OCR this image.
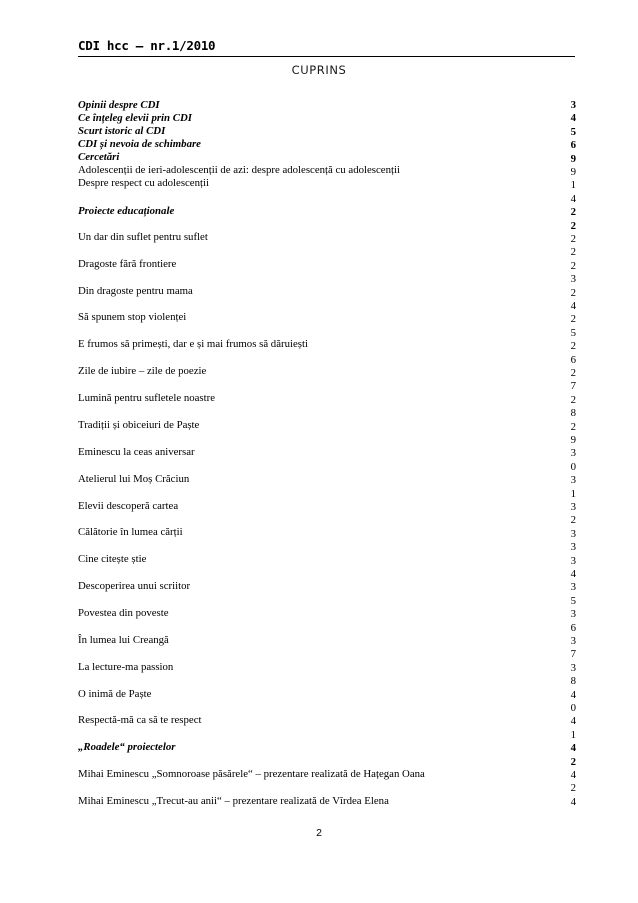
CDI hcc – nr.1/2010
CUPRINS
Opinii despre CDI
Ce înțeleg elevii prin CDI
Scurt istoric al CDI
CDI și nevoia de schimbare
Cercetări
Adolescenții de ieri-adolescenții de azi: despre adolescență cu adolescenții
Despre respect cu adolescenții
Proiecte educaționale
Un dar din suflet pentru suflet
Dragoste fără frontiere
Din dragoste pentru mama
Să spunem stop violenței
E frumos să primești, dar e și mai frumos să dăruiești
Zile de iubire – zile de poezie
Lumină pentru sufletele noastre
Tradiții și obiceiuri de Paște
Eminescu la ceas aniversar
Atelierul lui Moș Crăciun
Elevii descoperă cartea
Călătorie în lumea cărții
Cine citește știe
Descoperirea unui scriitor
Povestea din poveste
În lumea lui Creangă
La lecture-ma passion
O inimă de Paște
Respectă-mă ca să te respect
„Roadele“ proiectelor
Mihai Eminescu „Somnoroase păsărele“ – prezentare realizată de Hațegan Oana
Mihai Eminescu „Trecut-au anii“ – prezentare realizată de Vîrdea Elena
3
4
5
6
9
9
1
4
2
2
2
2
2
3
2
4
2
5
2
6
2
7
2
8
2
9
3
0
3
1
3
2
3
3
3
4
3
5
3
6
3
7
3
8
4
0
4
1
4
2
4
2
4
2
